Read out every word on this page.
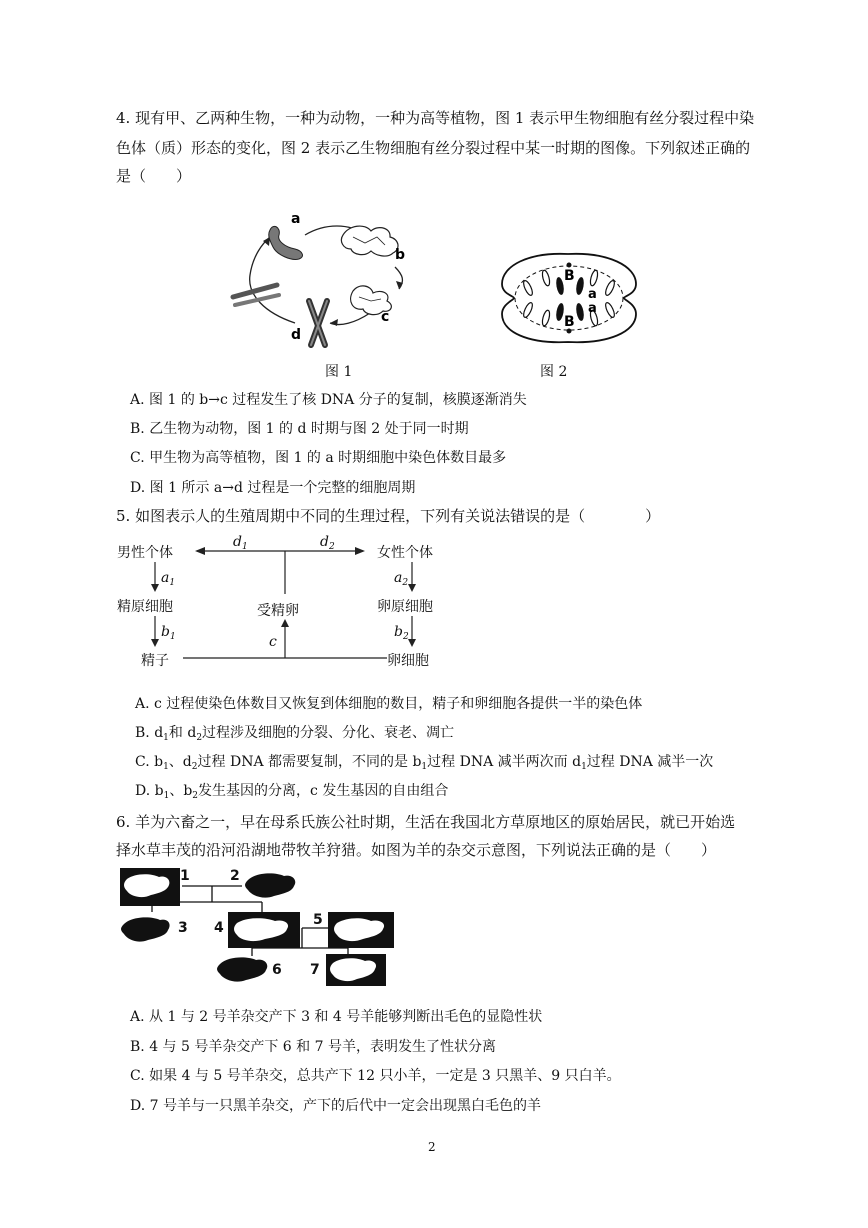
4. 现有甲、乙两种生物，一种为动物，一种为高等植物，图 1 表示甲生物细胞有丝分裂过程中染
色体（质）形态的变化，图 2 表示乙生物细胞有丝分裂过程中某一时期的图像。下列叙述正确的
是（　　）
a
b
c
d
B
a
a
B
图 1	图 2
A. 图 1 的 b→c 过程发生了核 DNA 分子的复制，核膜逐渐消失
B. 乙生物为动物，图 1 的 d 时期与图 2 处于同一时期
C. 甲生物为高等植物，图 1 的 a 时期细胞中染色体数目最多
D. 图 1 所示 a→d 过程是一个完整的细胞周期
5. 如图表示人的生殖周期中不同的生理过程，下列有关说法错误的是（　　　　）
男性个体	女性个体
精原细胞	卵原细胞
受精卵
精子	卵细胞
$d_1$	$d_2$
$a_1$	$a_2$
$b_1$	$b_2$
c
A. c 过程使染色体数目又恢复到体细胞的数目，精子和卵细胞各提供一半的染色体
B. $d_1$和 $d_2$过程涉及细胞的分裂、分化、衰老、凋亡
C. $b_1$、$d_2$过程 DNA 都需要复制，不同的是 $b_1$过程 DNA 减半两次而 $d_1$过程 DNA 减半一次
D. $b_1$、$b_2$发生基因的分离，c 发生基因的自由组合
6. 羊为六畜之一，早在母系氏族公社时期，生活在我国北方草原地区的原始居民，就已开始选
择水草丰茂的沿河沿湖地带牧羊狩猎。如图为羊的杂交示意图，下列说法正确的是（　　）
1	2
3 4	5
6 7
A. 从 1 与 2 号羊杂交产下 3 和 4 号羊能够判断出毛色的显隐性状
B. 4 与 5 号羊杂交产下 6 和 7 号羊，表明发生了性状分离
C. 如果 4 与 5 号羊杂交，总共产下 12 只小羊，一定是 3 只黑羊、9 只白羊。
D. 7 号羊与一只黑羊杂交，产下的后代中一定会出现黑白毛色的羊
2
